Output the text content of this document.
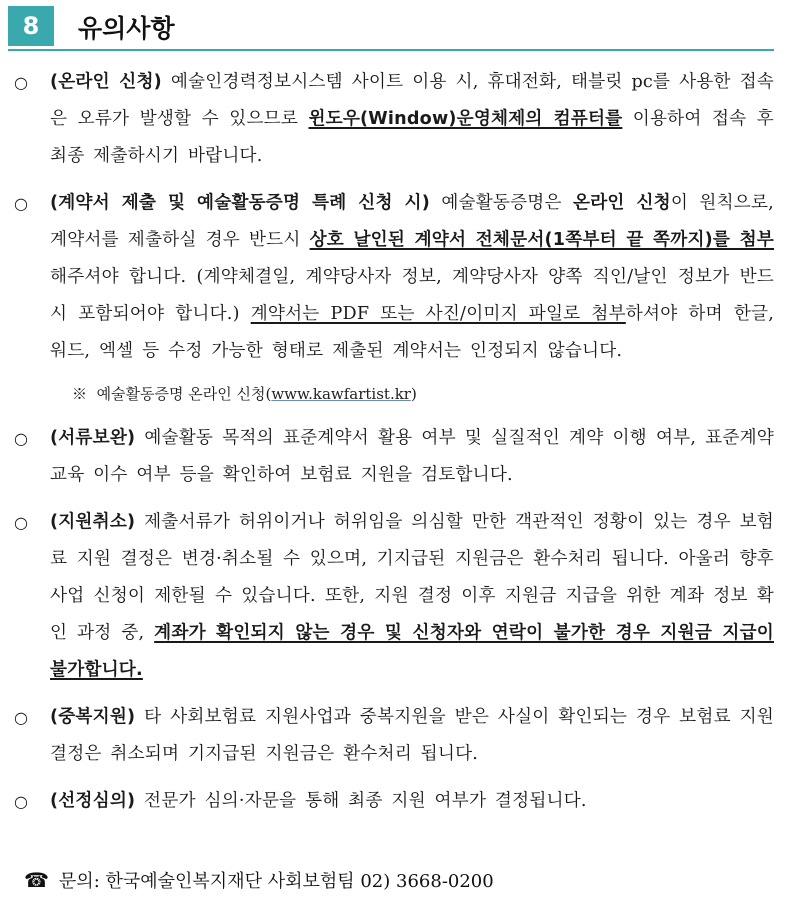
8	유의사항
○	(온라인 신청) 예술인경력정보시스템 사이트 이용 시, 휴대전화, 태블릿 pc를 사용한 접속은 오류가 발생할 수 있으므로 윈도우(Window)운영체제의 컴퓨터를 이용하여 접속 후 최종 제출하시기 바랍니다.
○	(계약서 제출 및 예술활동증명 특례 신청 시) 예술활동증명은 온라인 신청이 원칙으로, 계약서를 제출하실 경우 반드시 상호 날인된 계약서 전체문서(1쪽부터 끝 쪽까지)를 첨부해주셔야 합니다. (계약체결일, 계약당사자 정보, 계약당사자 양쪽 직인/날인 정보가 반드시 포함되어야 합니다.) 계약서는 PDF 또는 사진/이미지 파일로 첨부하셔야 하며 한글, 워드, 엑셀 등 수정 가능한 형태로 제출된 계약서는 인정되지 않습니다.
※ 예술활동증명 온라인 신청(www.kawfartist.kr)
○	(서류보완) 예술활동 목적의 표준계약서 활용 여부 및 실질적인 계약 이행 여부, 표준계약교육 이수 여부 등을 확인하여 보험료 지원을 검토합니다.
○	(지원취소) 제출서류가 허위이거나 허위임을 의심할 만한 객관적인 정황이 있는 경우 보험료 지원 결정은 변경·취소될 수 있으며, 기지급된 지원금은 환수처리 됩니다. 아울러 향후 사업 신청이 제한될 수 있습니다. 또한, 지원 결정 이후 지원금 지급을 위한 계좌 정보 확인 과정 중, 계좌가 확인되지 않는 경우 및 신청자와 연락이 불가한 경우 지원금 지급이 불가합니다.
○	(중복지원) 타 사회보험료 지원사업과 중복지원을 받은 사실이 확인되는 경우 보험료 지원 결정은 취소되며 기지급된 지원금은 환수처리 됩니다.
○	(선정심의) 전문가 심의·자문을 통해 최종 지원 여부가 결정됩니다.
☎ 문의: 한국예술인복지재단 사회보험팀 02) 3668-0200
